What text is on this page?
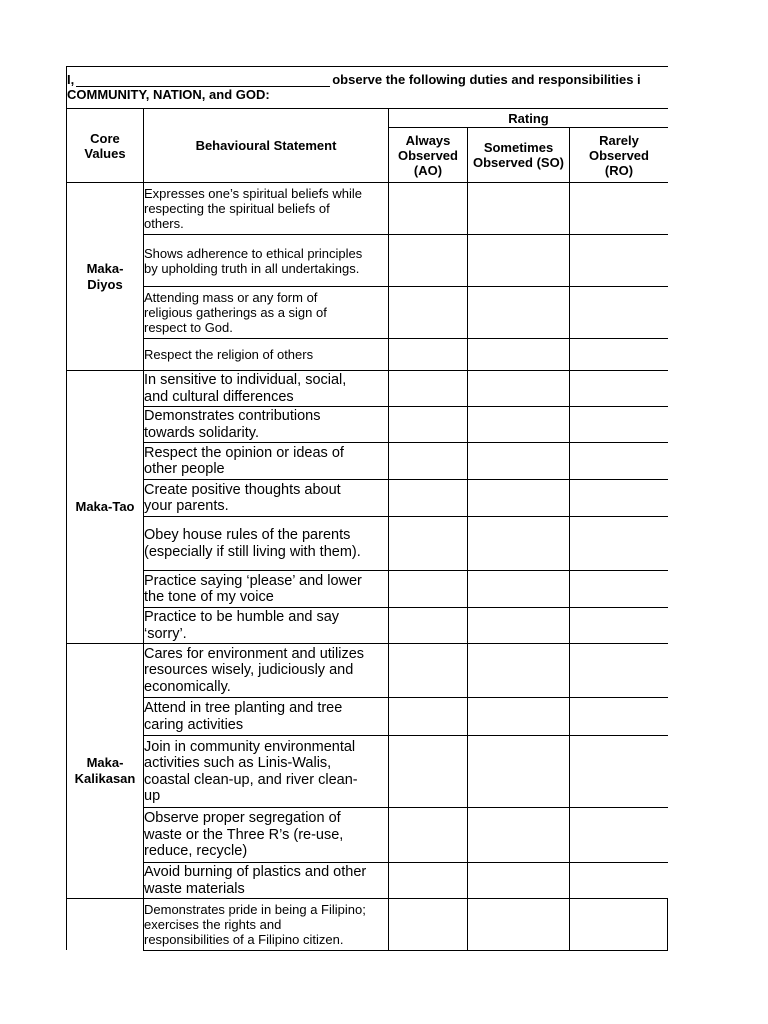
I,	observe the following duties and responsibilities i
COMMUNITY, NATION, and GOD:
Core
Values	Behavioural Statement
Rating
Always
Observed
(AO)
Sometimes
Observed (SO)
Rarely
Observed
(RO)
Maka-
Diyos
Maka-Tao
Maka-
Kalikasan
Expresses one’s spiritual beliefs while
respecting the spiritual beliefs of
others.
Shows adherence to ethical principles
by upholding truth in all undertakings.
Attending mass or any form of
religious gatherings as a sign of
respect to God.
Respect the religion of others
In sensitive to individual, social,
and cultural differences
Demonstrates contributions
towards solidarity.
Respect the opinion or ideas of
other people
Create positive thoughts about
your parents.
Obey house rules of the parents
(especially if still living with them).
Practice saying ‘please’ and lower
the tone of my voice
Practice to be humble and say
‘sorry’.
Cares for environment and utilizes
resources wisely, judiciously and
economically.
Attend in tree planting and tree
caring activities
Join in community environmental
activities such as Linis-Walis,
coastal clean-up, and river clean-
up
Observe proper segregation of
waste or the Three R’s (re-use,
reduce, recycle)
Avoid burning of plastics and other
waste materials
Demonstrates pride in being a Filipino;
exercises the rights and
responsibilities of a Filipino citizen.
